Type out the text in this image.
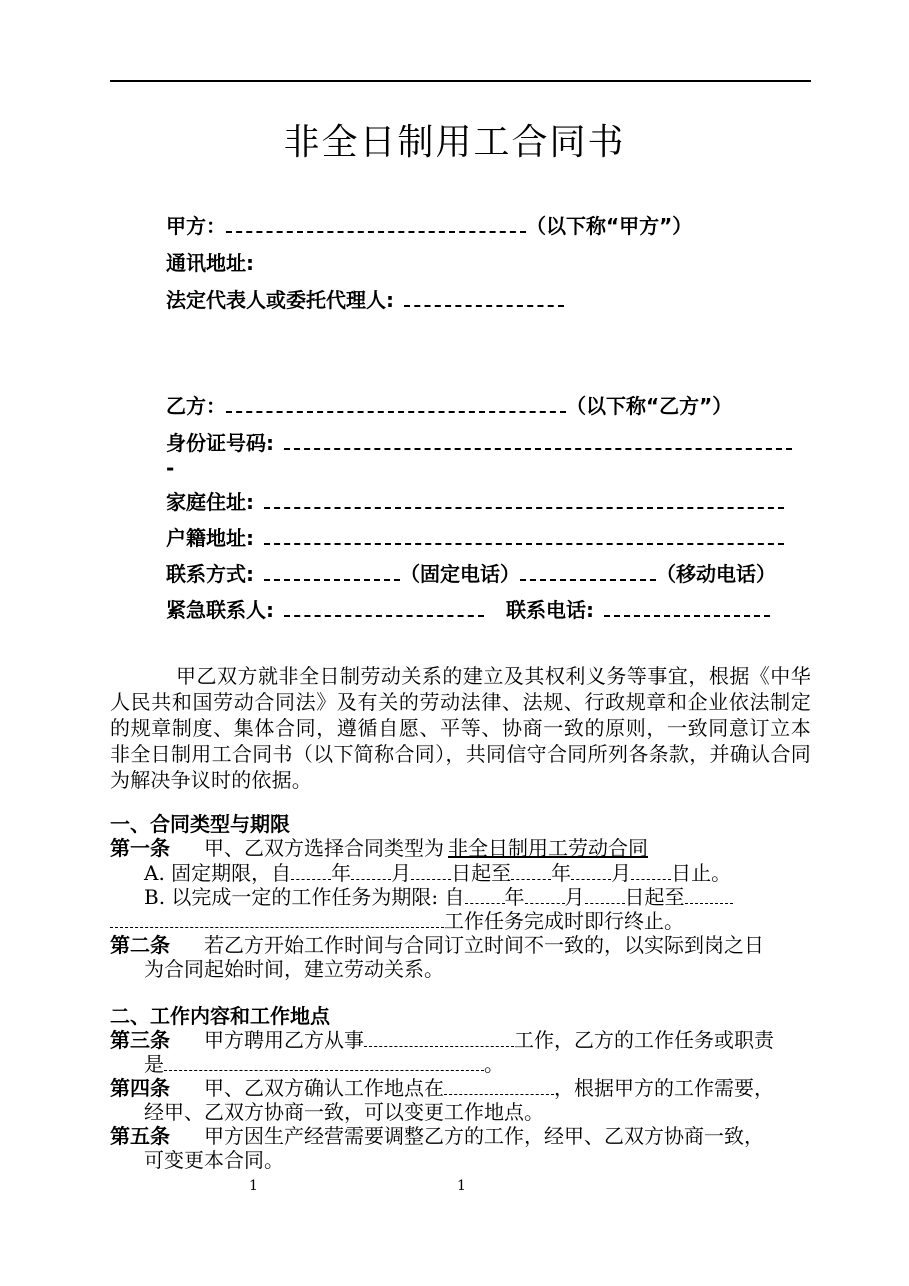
非全日制用工合同书
甲方：	（以下称“甲方”）
通讯地址:
法定代表人或委托代理人:
乙方：	（以下称“乙方”）
身份证号码:
-
家庭住址:
户籍地址:
联系方式:	（固定电话）	（移动电话）
紧急联系人:	联系电话:
甲乙双方就非全日制劳动关系的建立及其权利义务等事宜，根据《中华人民共和国劳动合同法》及有关的劳动法律、法规、行政规章和企业依法制定的规章制度、集体合同，遵循自愿、平等、协商一致的原则，一致同意订立本非全日制用工合同书（以下简称合同），共同信守合同所列各条款，并确认合同为解决争议时的依据。
一、合同类型与期限
第一条 甲、乙双方选择合同类型为 非全日制用工劳动合同
A. 固定期限，自 年 月 日起至 年 月 日止。
B. 以完成一定的工作任务为期限: 自 年 月 日起至
工作任务完成时即行终止。
第二条 若乙方开始工作时间与合同订立时间不一致的，以实际到岗之日
为合同起始时间，建立劳动关系。
二、工作内容和工作地点
第三条 甲方聘用乙方从事	工作，乙方的工作任务或职责
是	。
第四条 甲、乙双方确认工作地点在	，根据甲方的工作需要，
经甲、乙双方协商一致，可以变更工作地点。
第五条 甲方因生产经营需要调整乙方的工作，经甲、乙双方协商一致，
可变更本合同。
1	1
